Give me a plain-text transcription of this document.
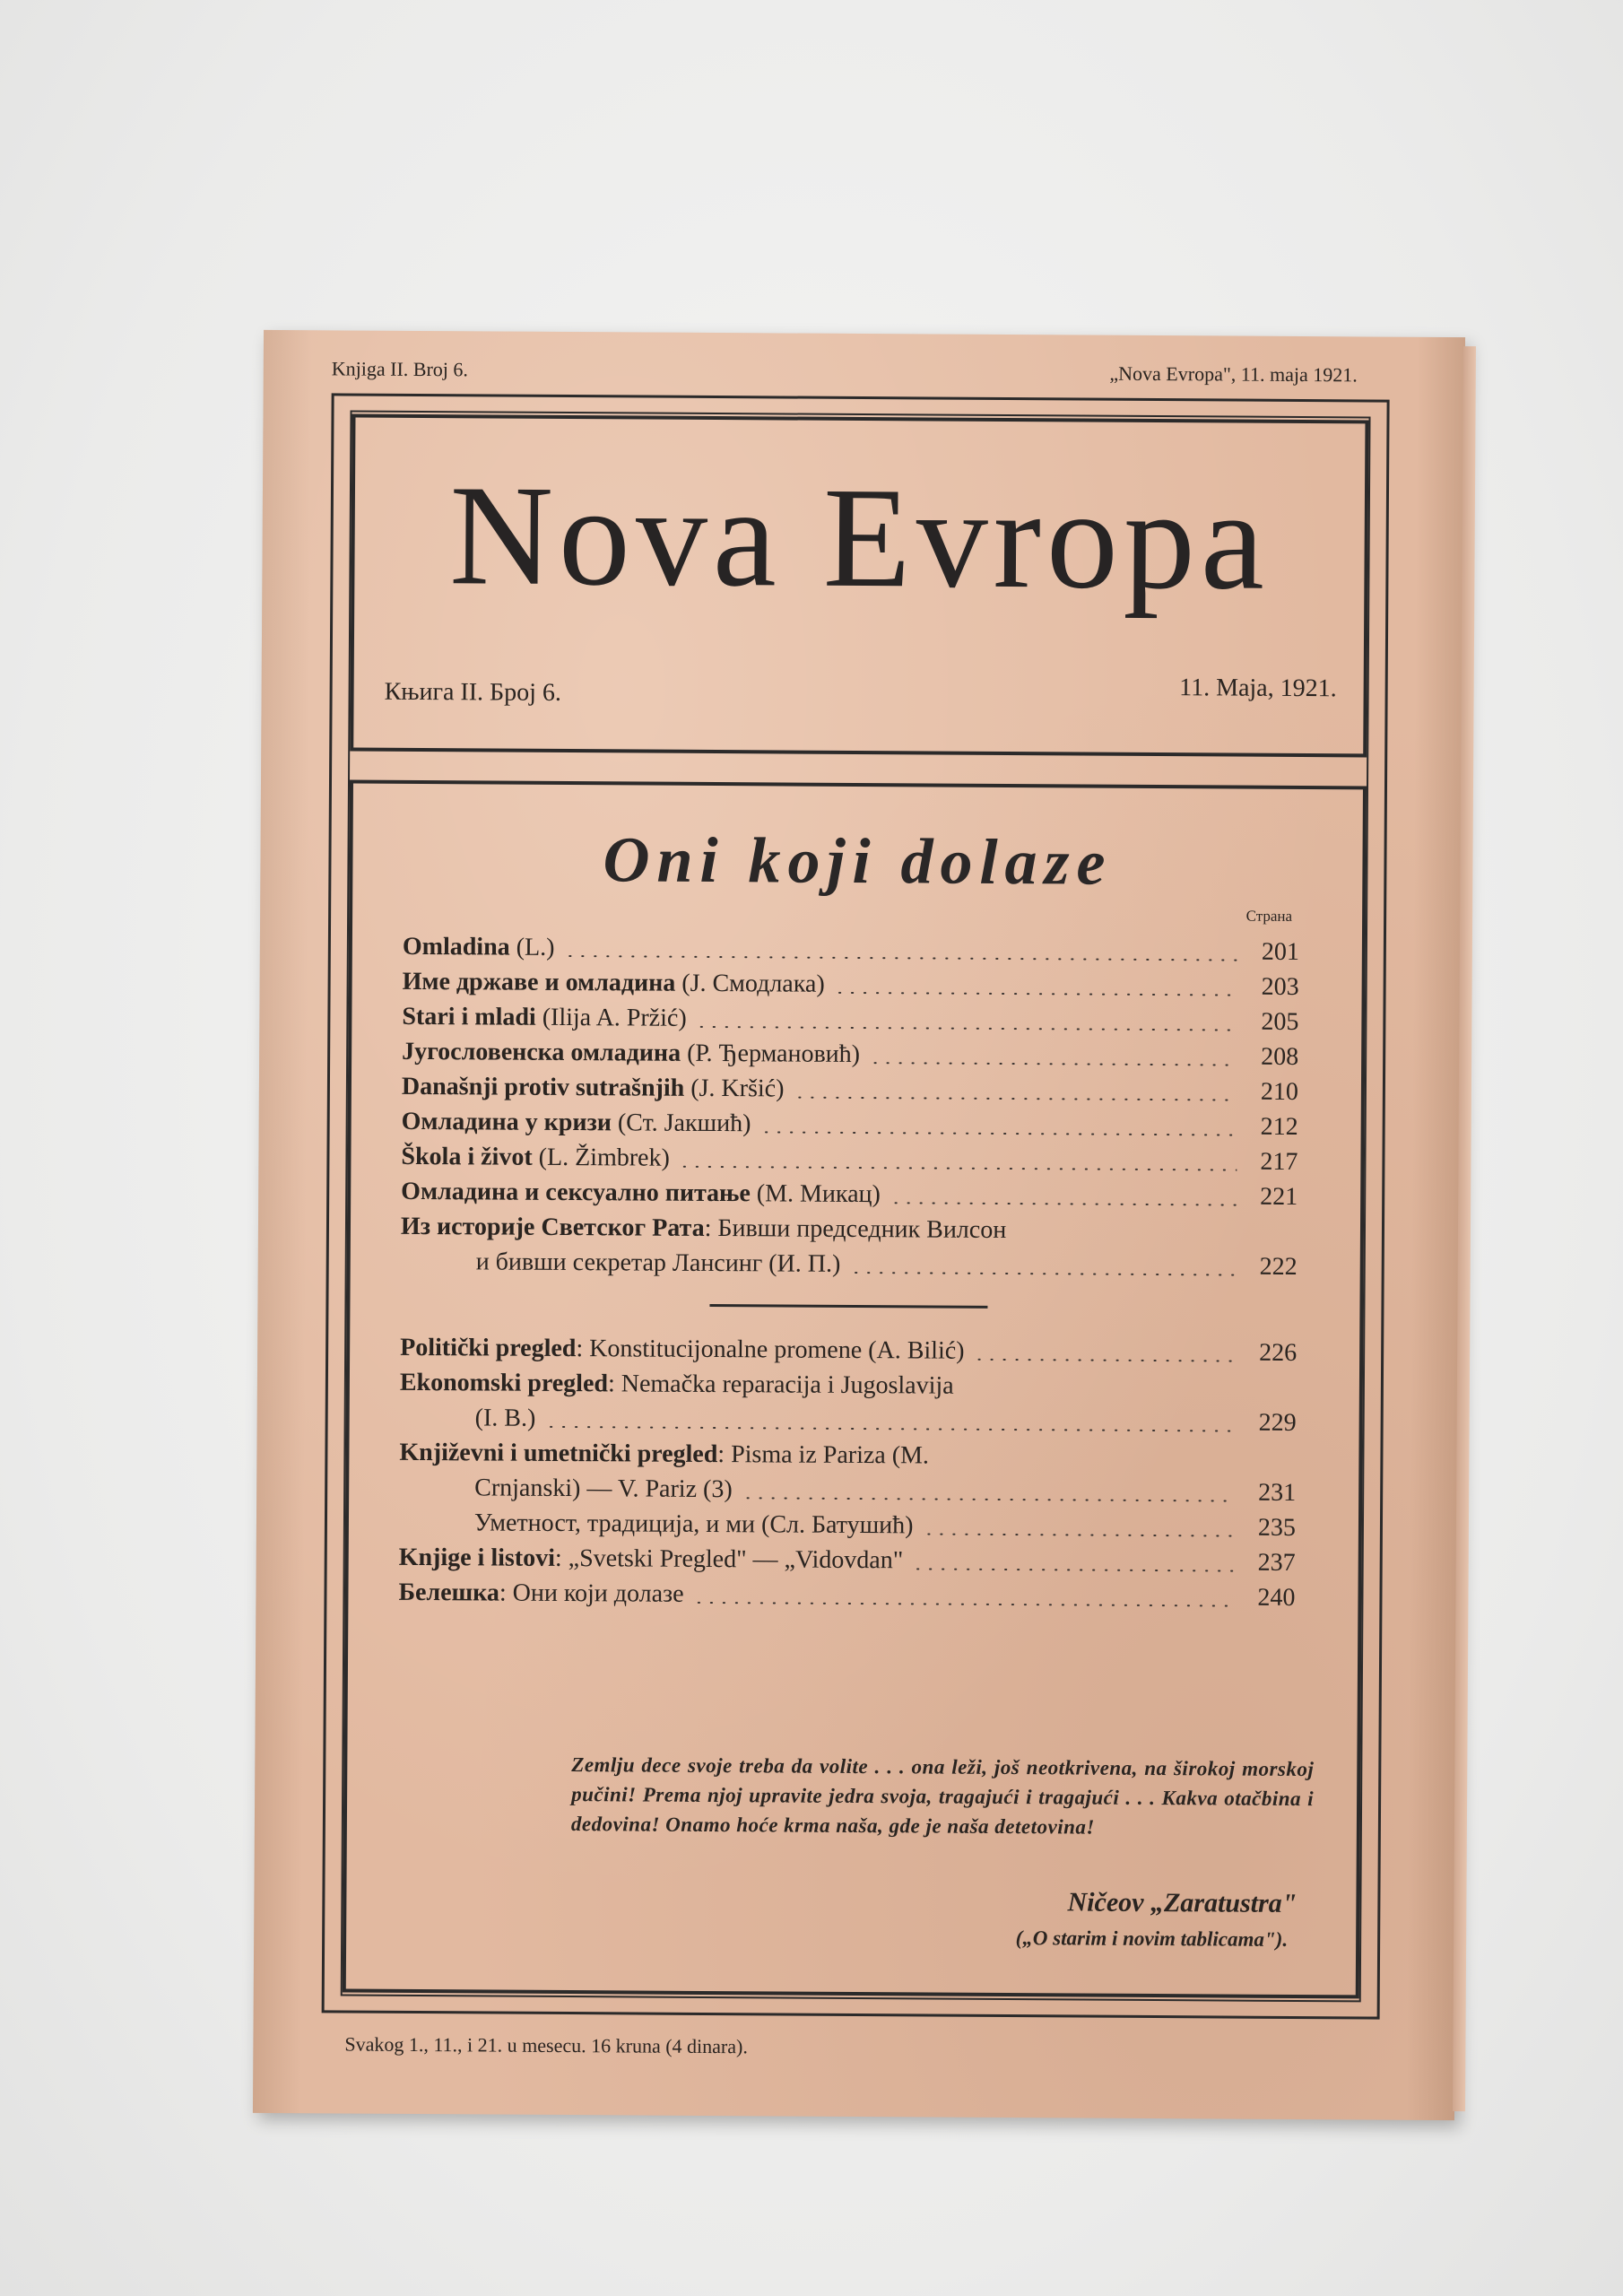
Knjiga II. Broj 6.	„Nova Evropa", 11. maja 1921.
Nova Evropa
Књига II. Број 6.	11. Maja, 1921.
Oni koji dolaze
Страна
Omladina (L.)	201
Име државе и омладина (J. Смодлака)	203
Stari i mladi (Ilija A. Pržić)	205
Југословенска омладина (Р. Ђермановић)	208
Današnji protiv sutrašnjih (J. Kršić)	210
Омладина у кризи (Ст. Јакшић)	212
Škola i život (L. Žimbrek)	217
Омладина и сексуално питање (М. Микац)	221
Из историје Светског Рата: Бивши председник Вилсон
и бивши секретар Лансинг (И. П.)	222
Politički pregled: Konstitucijonalne promene (A. Bilić)	226
Ekonomski pregled: Nemačka reparacija i Jugoslavija
(I. B.)	229
Književni i umetnički pregled: Pisma iz Pariza (M.
Crnjanski) — V. Pariz (3)	231
Уметност, традиција, и ми (Сл. Батушић)	235
Knjige i listovi: „Svetski Pregled" — „Vidovdan"	237
Белешка: Они који долазе	240
Zemlju dece svoje treba da volite . . . ona leži, još neotkrivena, na širokoj morskoj pučini! Prema njoj upravite jedra svoja, tragajući i tragajući . . . Kakva otačbina i dedovina! Onamo hoće krma naša, gde je naša detetovina!
Ničeov „Zaratustra"
(„O starim i novim tablicama").
Svakog 1., 11., i 21. u mesecu. 16 kruna (4 dinara).
